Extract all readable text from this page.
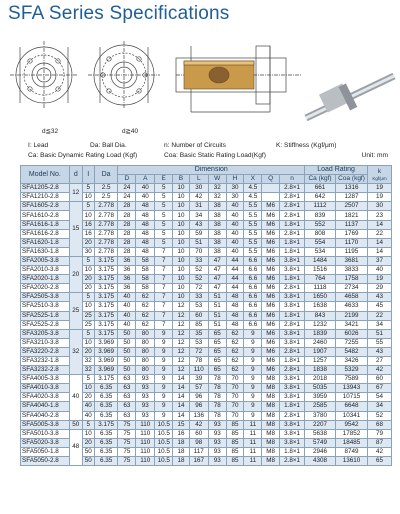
SFA Series Specifications
d≦32	d≧40
I: Lead	Da: Ball Dia.	n: Number of Circuits	K: Stiffness (Kgf/μm)
Ca: Basic Dynamic Rating Load (Kgf)	Coa: Basic Static Rating Load(Kgf)	Unit: mm
Model No.	d	I	Da	Dimension										Load Rating		k
Kgf/μm

				D	A	E	B	L	W	H	X	Q	n	Ca (kgf)	Coa (kgf)	
SFA1205-2.8	12	5	2.5	24	40	5	10	30	32	30	4.5		2.8×1	661	1316	19
SFA1210-2.8		10	2.5	24	40	5	10	42	32	30	4.5		2.8×1	642	1287	19
SFA1605-2.8	15	5	2.778	28	48	5	10	31	38	40	5.5	M6	2.8×1	1112	2507	30
SFA1610-2.8		10	2.778	28	48	5	10	34	38	40	5.5	M6	2.8×1	839	1821	23
SFA1616-1.8		16	2.778	28	48	5	10	43	38	40	5.5	M6	1.8×1	552	1137	14
SFA1616-2.8		16	2.778	28	48	5	10	59	38	40	5.5	M6	2.8×1	808	1769	22
SFA1620-1.8		20	2.778	28	48	5	10	51	38	40	5.5	M6	1.8×1	554	1170	14
SFA1630-1.8		30	2.778	28	48	7	10	70	38	40	5.5	M6	1.8×1	534	1195	14
SFA2005-3.8	20	5	3.175	36	58	7	10	33	47	44	6.6	M6	3.8×1	1484	3681	37
SFA2010-3.8		10	3.175	36	58	7	10	52	47	44	6.6	M6	3.8×1	1516	3833	40
SFA2020-1.8		20	3.175	36	58	7	10	52	47	44	6.6	M6	1.8×1	764	1758	19
SFA2020-2.8		20	3.175	36	58	7	10	72	47	44	6.6	M6	2.8×1	1118	2734	29
SFA2505-3.8	25	5	3.175	40	62	7	10	33	51	48	6.6	M6	3.8×1	1650	4658	43
SFA2510-3.8		10	3.175	40	62	7	12	53	51	48	6.6	M6	3.8×1	1638	4633	45
SFA2525-1.8		25	3.175	40	62	7	12	60	51	48	6.6	M6	1.8×1	843	2199	22
SFA2525-2.8		25	3.175	40	62	7	12	85	51	48	6.6	M6	2.8×1	1232	3421	34
SFA3205-3.8	32	5	3.175	50	80	9	12	35	65	62	9	M6	3.8×1	1839	6026	51
SFA3210-3.8		10	3.969	50	80	9	12	53	65	62	9	M6	3.8×1	2460	7255	55
SFA3220-2.8		20	3.969	50	80	9	12	72	65	62	9	M6	2.8×1	1907	5482	43
SFA3232-1.8		32	3.969	50	80	9	12	78	65	62	9	M6	1.8×1	1257	3426	27
SFA3232-2.8		32	3.969	50	80	9	12	110	65	62	9	M6	2.8×1	1838	5329	42
SFA4005-3.8	40	5	3.175	63	93	9	14	39	78	70	9	M8	3.8×1	2018	7589	60
SFA4010-3.8		10	6.35	63	93	9	14	57	78	70	9	M8	3.8×1	5035	13943	67
SFA4020-3.8		20	6.35	63	93	9	14	96	78	70	9	M8	3.8×1	3959	10715	54
SFA4040-1.8		40	6.35	63	93	9	14	96	78	70	9	M8	1.8×1	2585	6648	34
SFA4040-2.8		40	6.35	63	93	9	14	136	78	70	9	M8	2.8×1	3780	10341	52
SFA5005-3.8	50	5	3.175	75	110	10.5	15	42	93	85	11	M8	3.8×1	2207	9542	68
SFA5010-3.8	48	10	6.35	75	110	10.5	16	60	93	85	11	M8	3.8×1	5638	17852	79
SFA5020-3.8		20	6.35	75	110	10.5	18	98	93	85	11	M8	3.8×1	5749	18485	87
SFA5050-1.8		50	6.35	75	110	10.5	18	117	93	85	11	M8	1.8×1	2946	8749	42
SFA5050-2.8		50	6.35	75	110	10.5	18	167	93	85	11	M8	2.8×1	4308	13610	65
